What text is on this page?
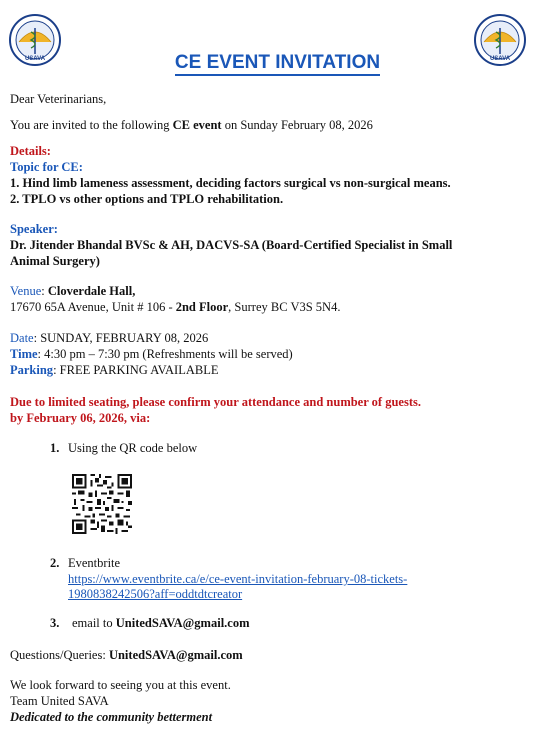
USAVA	USAVA
CE EVENT INVITATION
Dear Veterinarians,
You are invited to the following CE event on Sunday February 08, 2026
Details:
Topic for CE:
1. Hind limb lameness assessment, deciding factors surgical vs non-surgical means.
2. TPLO vs other options and TPLO rehabilitation.
Speaker:
Dr. Jitender Bhandal BVSc & AH, DACVS-SA (Board-Certified Specialist in Small
Animal Surgery)
Venue: Cloverdale Hall,
17670 65A Avenue, Unit # 106 - 2nd Floor, Surrey BC V3S 5N4.
Date: SUNDAY, FEBRUARY 08, 2026
Time: 4:30 pm – 7:30 pm (Refreshments will be served)
Parking: FREE PARKING AVAILABLE
Due to limited seating, please confirm your attendance and number of guests.
by February 06, 2026, via:
1. Using the QR code below
2. Eventbrite
https://www.eventbrite.ca/e/ce-event-invitation-february-08-tickets-
1980838242506?aff=oddtdtcreator
3. email to UnitedSAVA@gmail.com
Questions/Queries: UnitedSAVA@gmail.com
We look forward to seeing you at this event.
Team United SAVA
Dedicated to the community betterment
